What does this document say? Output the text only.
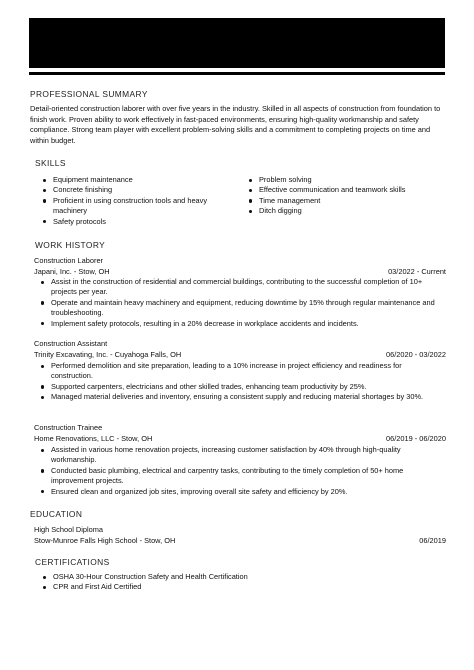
PROFESSIONAL SUMMARY

Detail-oriented construction laborer with over five years in the industry. Skilled in all aspects of construction from foundation to finish work. Proven ability to work effectively in fast-paced environments, ensuring high-quality workmanship and safety compliance. Strong team player with excellent problem-solving skills and a commitment to completing projects on time and within budget.

SKILLS
Equipment maintenance
Concrete finishing
Proficient in using construction tools and heavy machinery
Safety protocols
Problem solving
Effective communication and teamwork skills
Time management
Ditch digging
WORK HISTORY
Construction Laborer
Japani, Inc. - Stow, OH	03/2022 - Current
Assist in the construction of residential and commercial buildings, contributing to the successful completion of 10+ projects per year.
Operate and maintain heavy machinery and equipment, reducing downtime by 15% through regular maintenance and troubleshooting.
Implement safety protocols, resulting in a 20% decrease in workplace accidents and incidents.
Construction Assistant
Trinity Excavating, Inc. - Cuyahoga Falls, OH	06/2020 - 03/2022
Performed demolition and site preparation, leading to a 10% increase in project efficiency and readiness for construction.
Supported carpenters, electricians and other skilled trades, enhancing team productivity by 25%.
Managed material deliveries and inventory, ensuring a consistent supply and reducing material shortages by 30%.
Construction Trainee
Home Renovations, LLC - Stow, OH	06/2019 - 06/2020
Assisted in various home renovation projects, increasing customer satisfaction by 40% through high-quality workmanship.
Conducted basic plumbing, electrical and carpentry tasks, contributing to the timely completion of 50+ home improvement projects.
Ensured clean and organized job sites, improving overall site safety and efficiency by 20%.
EDUCATION
High School Diploma
Stow-Munroe Falls High School - Stow, OH	06/2019
CERTIFICATIONS
OSHA 30-Hour Construction Safety and Health Certification
CPR and First Aid Certified
